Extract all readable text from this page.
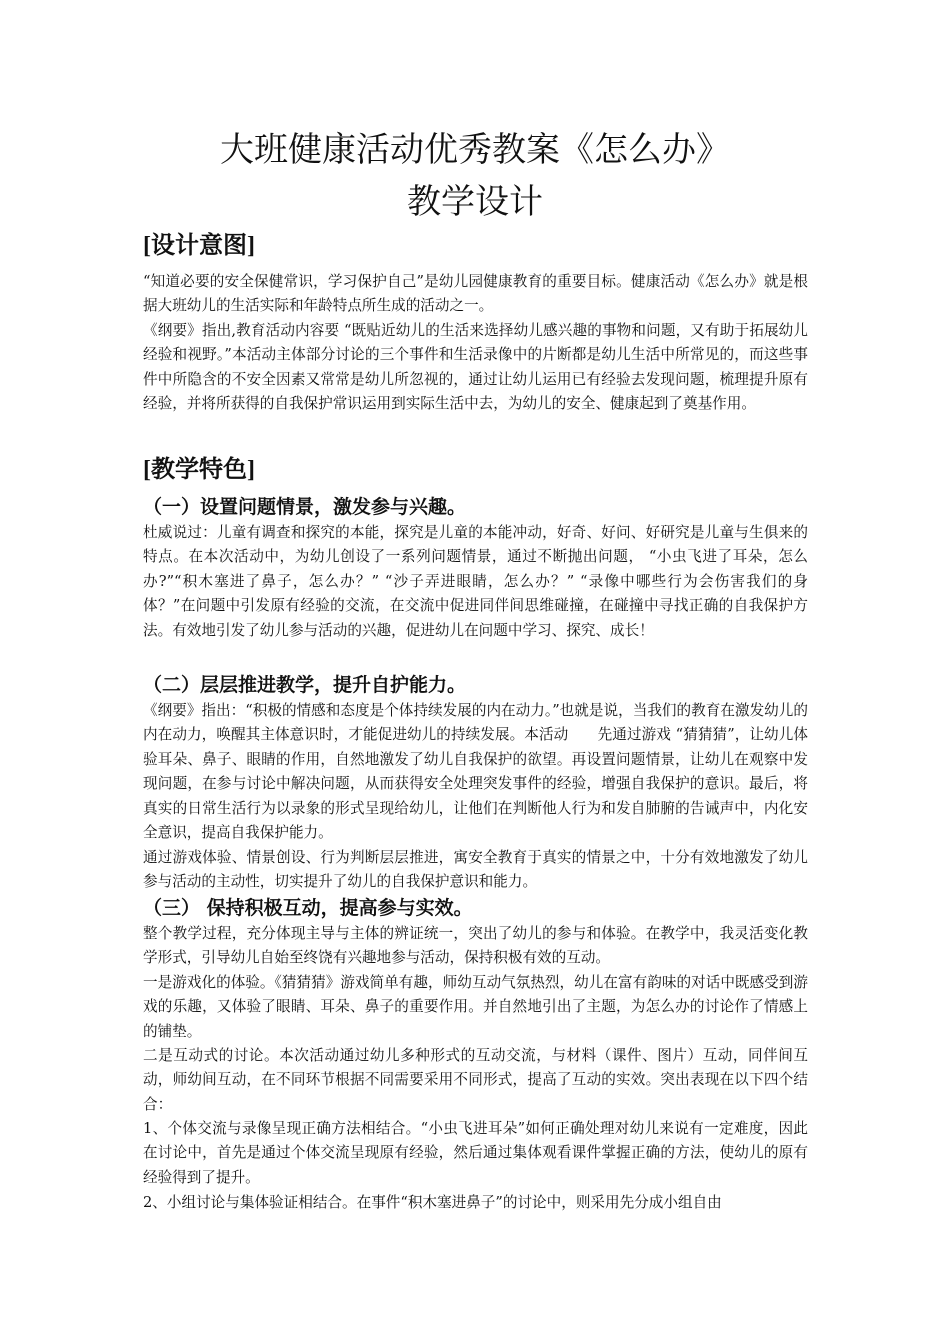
大班健康活动优秀教案《怎么办》
教学设计
[设计意图]
“知道必要的安全保健常识，学习保护自己”是幼儿园健康教育的重要目标。健康活动《怎么办》就是根据大班幼儿的生活实际和年龄特点所生成的活动之一。
《纲要》指出,教育活动内容要 “既贴近幼儿的生活来选择幼儿感兴趣的事物和问题，又有助于拓展幼儿经验和视野。”本活动主体部分讨论的三个事件和生活录像中的片断都是幼儿生活中所常见的，而这些事件中所隐含的不安全因素又常常是幼儿所忽视的，通过让幼儿运用已有经验去发现问题，梳理提升原有经验，并将所获得的自我保护常识运用到实际生活中去，为幼儿的安全、健康起到了奠基作用。
[教学特色]
（一）设置问题情景，激发参与兴趣。
杜威说过：儿童有调查和探究的本能，探究是儿童的本能冲动，好奇、好问、好研究是儿童与生俱来的特点。在本次活动中，为幼儿创设了一系列问题情景，通过不断抛出问题， “小虫飞进了耳朵，怎么办?”“积木塞进了鼻子，怎么办？” “沙子弄进眼睛，怎么办？” “录像中哪些行为会伤害我们的身体？”在问题中引发原有经验的交流，在交流中促进同伴间思维碰撞，在碰撞中寻找正确的自我保护方法。有效地引发了幼儿参与活动的兴趣，促进幼儿在问题中学习、探究、成长！
（二）层层推进教学，提升自护能力。
《纲要》指出：“积极的情感和态度是个体持续发展的内在动力。”也就是说，当我们的教育在激发幼儿的内在动力，唤醒其主体意识时，才能促进幼儿的持续发展。本活动　　先通过游戏 “猜猜猜”，让幼儿体验耳朵、鼻子、眼睛的作用，自然地激发了幼儿自我保护的欲望。再设置问题情景，让幼儿在观察中发现问题，在参与讨论中解决问题，从而获得安全处理突发事件的经验，增强自我保护的意识。最后，将真实的日常生活行为以录象的形式呈现给幼儿，让他们在判断他人行为和发自肺腑的告诫声中，内化安全意识，提高自我保护能力。
通过游戏体验、情景创设、行为判断层层推进，寓安全教育于真实的情景之中，十分有效地激发了幼儿参与活动的主动性，切实提升了幼儿的自我保护意识和能力。
（三） 保持积极互动，提高参与实效。
整个教学过程，充分体现主导与主体的辨证统一，突出了幼儿的参与和体验。在教学中，我灵活变化教学形式，引导幼儿自始至终饶有兴趣地参与活动，保持积极有效的互动。
一是游戏化的体验。《猜猜猜》游戏简单有趣，师幼互动气氛热烈，幼儿在富有韵味的对话中既感受到游戏的乐趣，又体验了眼睛、耳朵、鼻子的重要作用。并自然地引出了主题，为怎么办的讨论作了情感上的铺垫。
二是互动式的讨论。本次活动通过幼儿多种形式的互动交流，与材料（课件、图片）互动，同伴间互动，师幼间互动，在不同环节根据不同需要采用不同形式，提高了互动的实效。突出表现在以下四个结合：
1、个体交流与录像呈现正确方法相结合。“小虫飞进耳朵”如何正确处理对幼儿来说有一定难度，因此在讨论中，首先是通过个体交流呈现原有经验，然后通过集体观看课件掌握正确的方法，使幼儿的原有经验得到了提升。
2、小组讨论与集体验证相结合。在事件“积木塞进鼻子”的讨论中，则采用先分成小组自由
